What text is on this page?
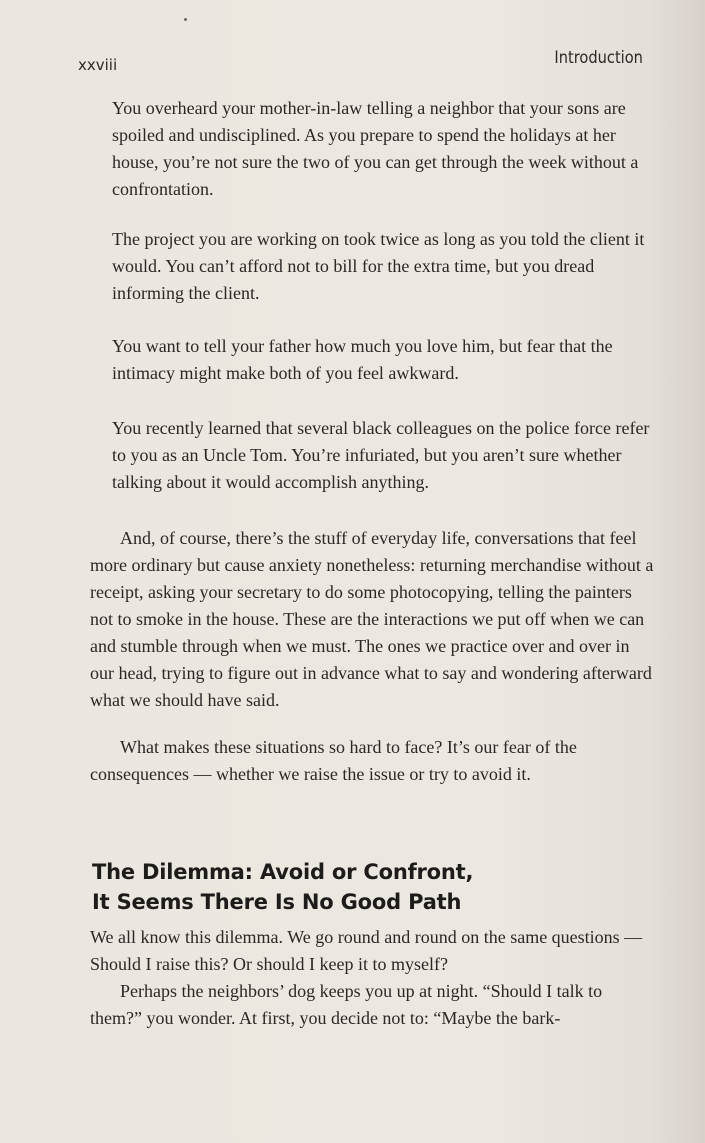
xxviii	Introduction

You overheard your mother-in-law telling a neighbor that your sons are spoiled and undisciplined. As you prepare to spend the holidays at her house, you’re not sure the two of you can get through the week without a confrontation.

The project you are working on took twice as long as you told the client it would. You can’t afford not to bill for the extra time, but you dread informing the client.

You want to tell your father how much you love him, but fear that the intimacy might make both of you feel awkward.

You recently learned that several black colleagues on the police force refer to you as an Uncle Tom. You’re infuriated, but you aren’t sure whether talking about it would accomplish anything.

And, of course, there’s the stuff of everyday life, conversations that feel more ordinary but cause anxiety nonetheless: returning merchandise without a receipt, asking your secretary to do some photocopying, telling the painters not to smoke in the house. These are the interactions we put off when we can and stumble through when we must. The ones we practice over and over in our head, trying to figure out in advance what to say and wondering afterward what we should have said.

What makes these situations so hard to face? It’s our fear of the consequences — whether we raise the issue or try to avoid it.

The Dilemma: Avoid or Confront,
It Seems There Is No Good Path

We all know this dilemma. We go round and round on the same questions — Should I raise this? Or should I keep it to myself?

Perhaps the neighbors’ dog keeps you up at night. “Should I talk to them?” you wonder. At first, you decide not to: “Maybe the bark-
